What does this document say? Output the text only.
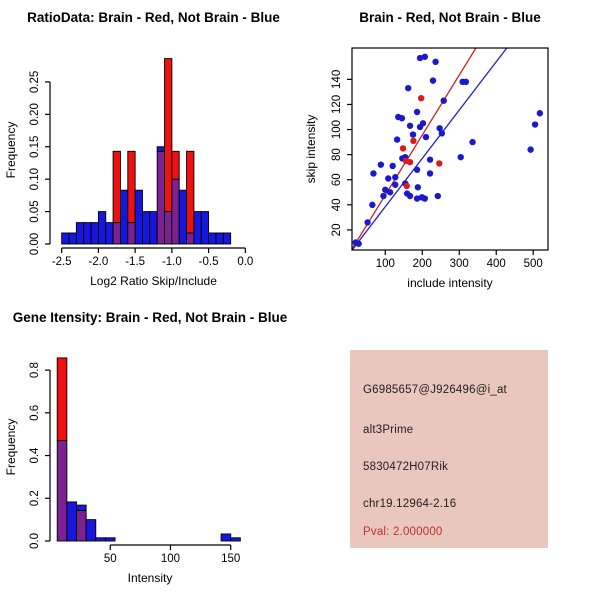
RatioData: Brain - Red, Not Brain - Blue
-2.5 -2.0 -1.5 -1.0 -0.5 0.0
Log2 Ratio Skip/Include
0.00
0.05
0.10
0.15
0.20
0.25
Frequency
Brain - Red, Not Brain - Blue
100 200 300 400 500
include intensity
20
40
60
80
100
120
140
skip intensity
Gene Itensity: Brain - Red, Not Brain - Blue
50	100	150
Intensity
0.0
0.2
0.4
0.6
0.8
Frequency
G6985657@J926496@i_at
alt3Prime
5830472H07Rik
chr19.12964-2.16
Pval: 2.000000
